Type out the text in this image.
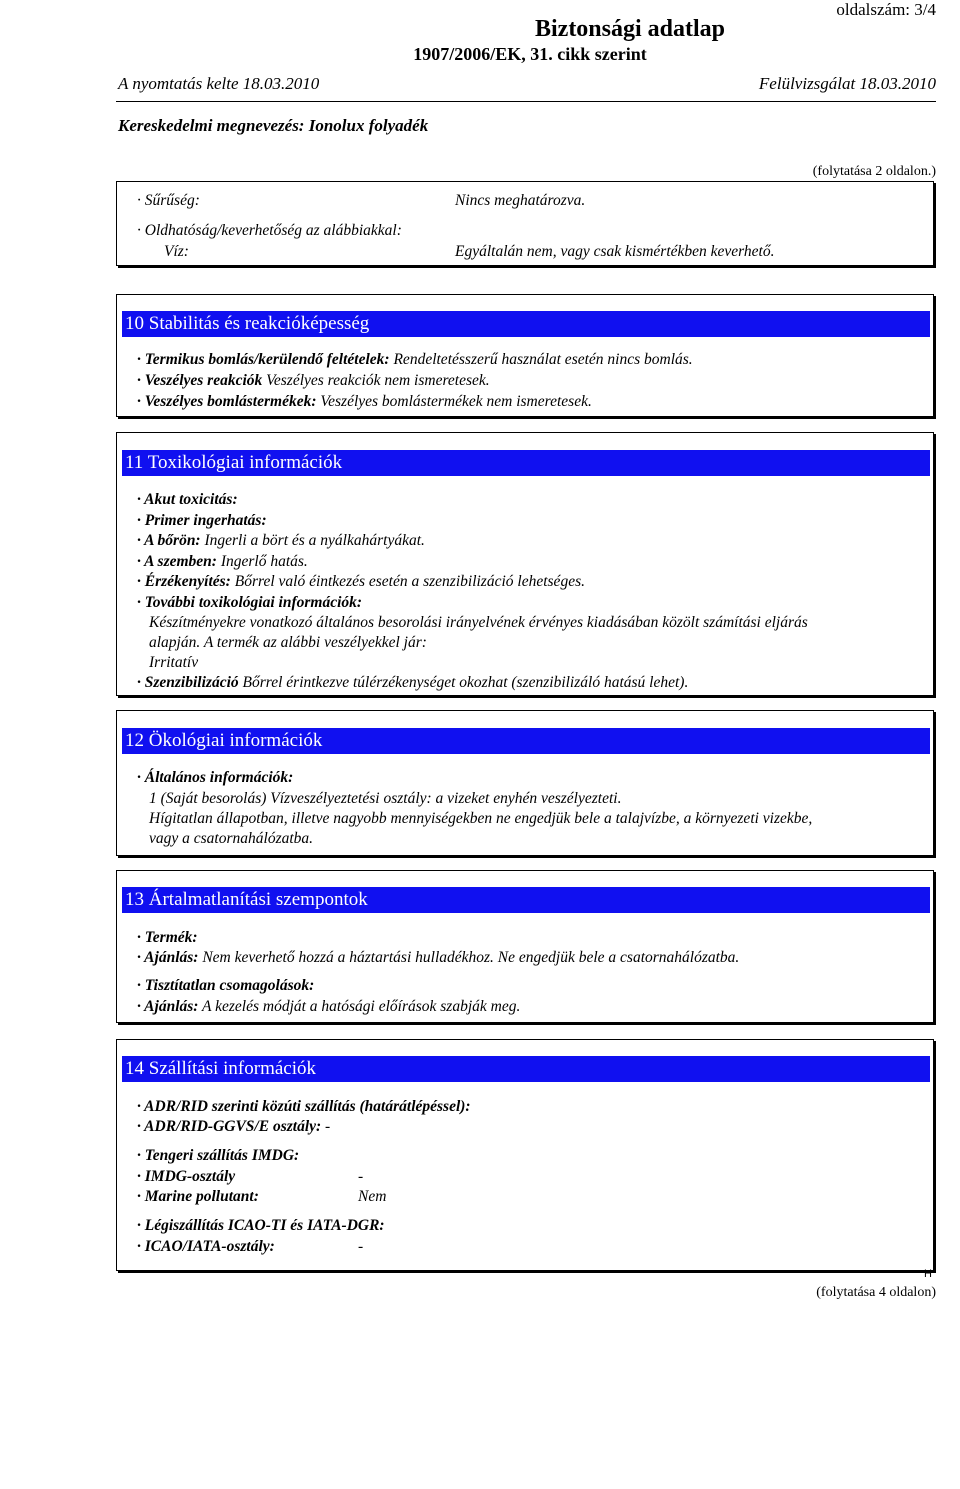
oldalszám: 3/4
Biztonsági adatlap
1907/2006/EK, 31. cikk szerint
A nyomtatás kelte 18.03.2010	Felülvizsgálat 18.03.2010
Kereskedelmi megnevezés: Ionolux folyadék
(folytatása 2 oldalon.)
· Sűrűség:	Nincs meghatározva.
· Oldhatóság/keverhetőség az alábbiakkal:
Víz:	Egyáltalán nem, vagy csak kismértékben keverhető.
10 Stabilitás és reakcióképesség
· Termikus bomlás/kerülendő feltételek: Rendeltetésszerű használat esetén nincs bomlás.
· Veszélyes reakciók Veszélyes reakciók nem ismeretesek.
· Veszélyes bomlástermékek: Veszélyes bomlástermékek nem ismeretesek.
11 Toxikológiai információk
· Akut toxicitás:
· Primer ingerhatás:
· A bőrön: Ingerli a bört és a nyálkahártyákat.
· A szemben: Ingerlő hatás.
· Érzékenyítés: Bőrrel való éintkezés esetén a szenzibilizáció lehetséges.
· További toxikológiai információk:
Készítményekre vonatkozó általános besorolási irányelvének érvényes kiadásában közölt számítási eljárás
alapján. A termék az alábbi veszélyekkel jár:
Irritatív
· Szenzibilizáció Bőrrel érintkezve túlérzékenységet okozhat (szenzibilizáló hatású lehet).
12 Ökológiai információk
· Általános információk:
1 (Saját besorolás) Vízveszélyeztetési osztály: a vizeket enyhén veszélyezteti.
Hígitatlan állapotban, illetve nagyobb mennyiségekben ne engedjük bele a talajvízbe, a környezeti vizekbe,
vagy a csatornahálózatba.
13 Ártalmatlanítási szempontok
· Termék:
· Ajánlás: Nem keverhető hozzá a háztartási hulladékhoz. Ne engedjük bele a csatornahálózatba.
· Tisztítatlan csomagolások:
· Ajánlás: A kezelés módját a hatósági előírások szabják meg.
14 Szállítási információk
· ADR/RID szerinti közúti szállítás (határátlépéssel):
· ADR/RID-GGVS/E osztály: -
· Tengeri szállítás IMDG:
· IMDG-osztály	-
· Marine pollutant:	Nem
· Légiszállítás ICAO-TI és IATA-DGR:
· ICAO/IATA-osztály:	-
H
(folytatása 4 oldalon)
